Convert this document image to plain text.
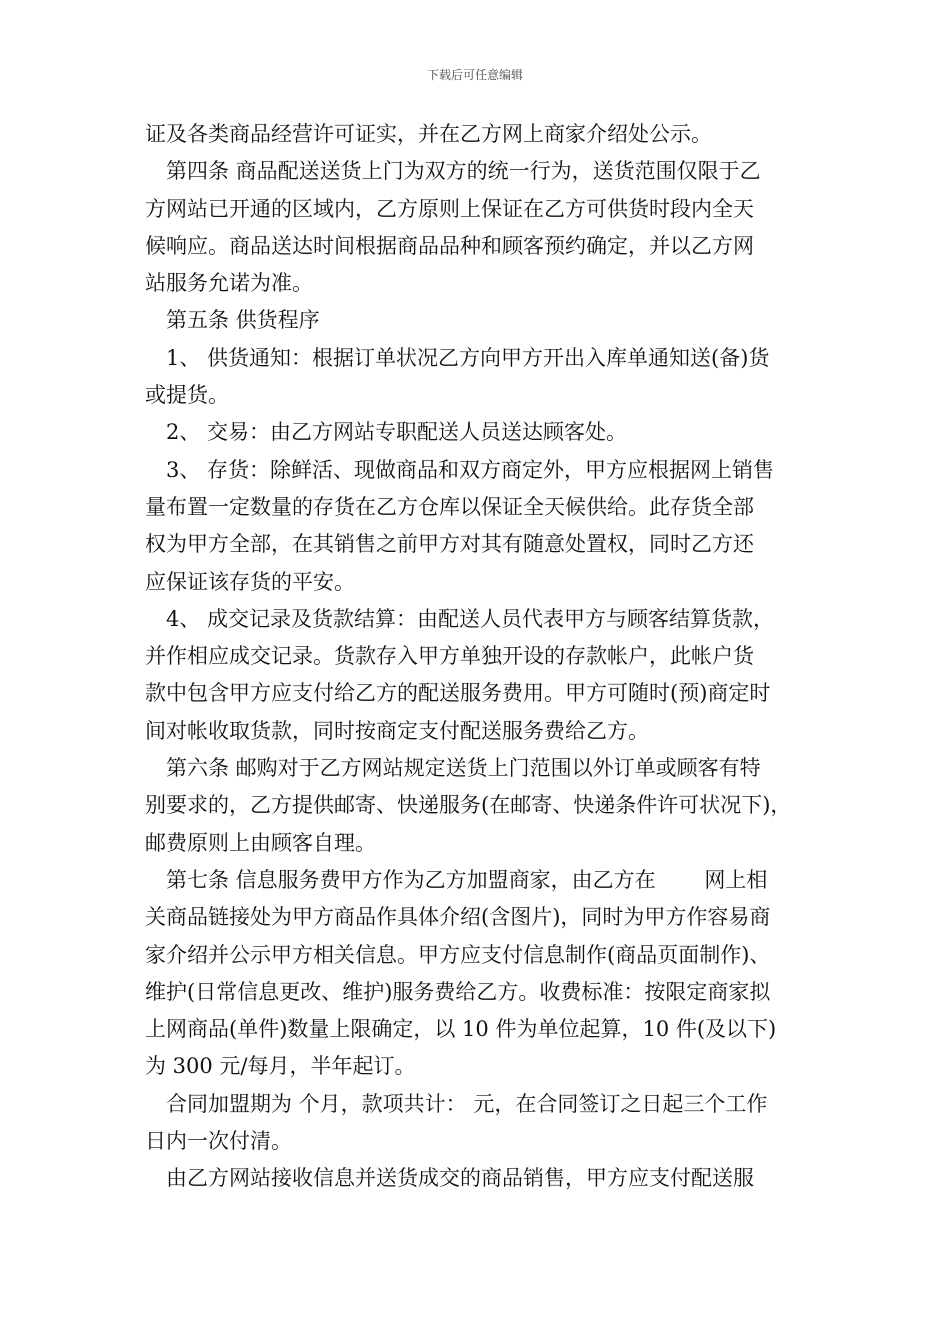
下载后可任意编辑
证及各类商品经营许可证实，并在乙方网上商家介绍处公示。
第四条 商品配送送货上门为双方的统一行为，送货范围仅限于乙
方网站已开通的区域内，乙方原则上保证在乙方可供货时段内全天
候响应。商品送达时间根据商品品种和顾客预约确定，并以乙方网
站服务允诺为准。
第五条 供货程序
1、 供货通知：根据订单状况乙方向甲方开出入库单通知送(备)货
或提货。
2、 交易：由乙方网站专职配送人员送达顾客处。
3、 存货：除鲜活、现做商品和双方商定外，甲方应根据网上销售
量布置一定数量的存货在乙方仓库以保证全天候供给。此存货全部
权为甲方全部，在其销售之前甲方对其有随意处置权，同时乙方还
应保证该存货的平安。
4、 成交记录及货款结算：由配送人员代表甲方与顾客结算货款，
并作相应成交记录。货款存入甲方单独开设的存款帐户，此帐户货
款中包含甲方应支付给乙方的配送服务费用。甲方可随时(预)商定时
间对帐收取货款，同时按商定支付配送服务费给乙方。
第六条 邮购对于乙方网站规定送货上门范围以外订单或顾客有特
别要求的，乙方提供邮寄、快递服务(在邮寄、快递条件许可状况下)，
邮费原则上由顾客自理。
第七条 信息服务费甲方作为乙方加盟商家，由乙方在 　　网上相
关商品链接处为甲方商品作具体介绍(含图片)，同时为甲方作容易商
家介绍并公示甲方相关信息。甲方应支付信息制作(商品页面制作)、
维护(日常信息更改、维护)服务费给乙方。收费标准：按限定商家拟
上网商品(单件)数量上限确定，以 10 件为单位起算，10 件(及以下)
为 300 元/每月，半年起订。
合同加盟期为 个月，款项共计： 元，在合同签订之日起三个工作
日内一次付清。
由乙方网站接收信息并送货成交的商品销售，甲方应支付配送服
